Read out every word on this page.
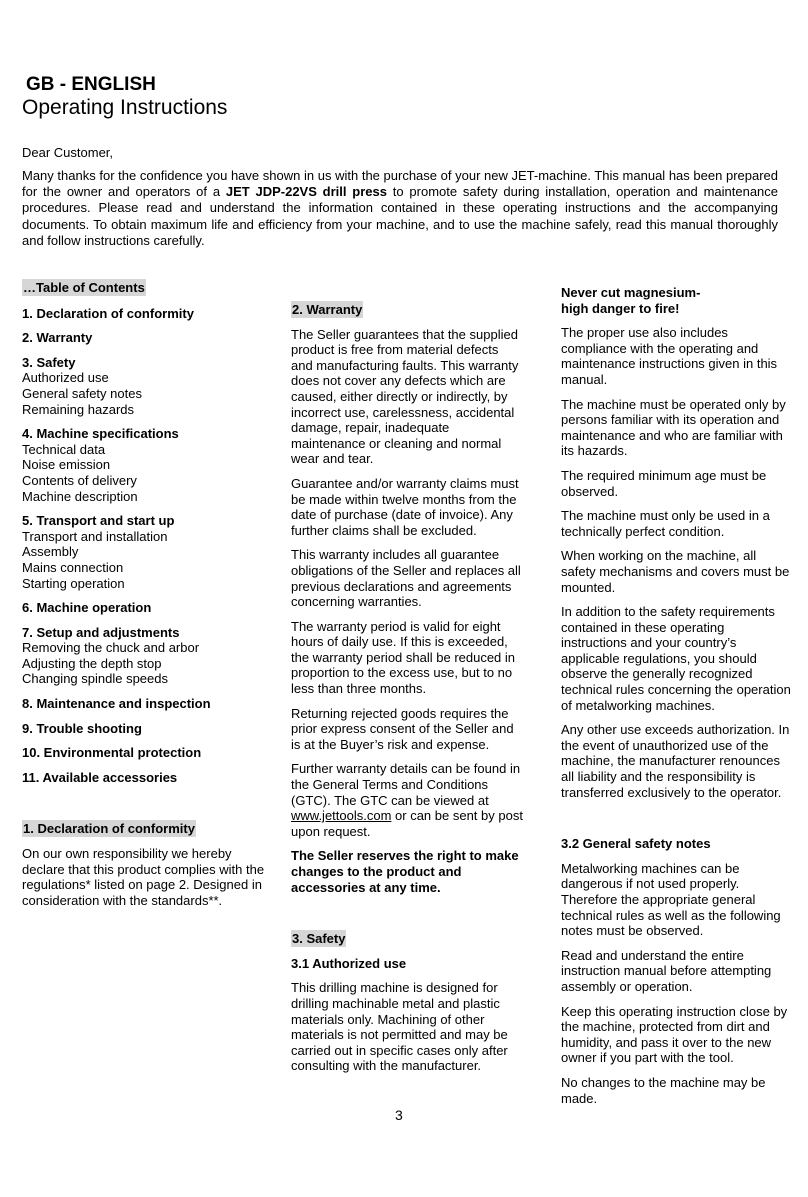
GB - ENGLISH
Operating Instructions

Dear Customer,

Many thanks for the confidence you have shown in us with the purchase of your new JET-machine. This manual has been prepared for the owner and operators of a JET JDP-22VS drill press to promote safety during installation, operation and maintenance procedures. Please read and understand the information contained in these operating instructions and the accompanying documents. To obtain maximum life and efficiency from your machine, and to use the machine safely, read this manual thoroughly and follow instructions carefully.

…Table of Contents

1. Declaration of conformity

2. Warranty

3. Safety

Authorized use

General safety notes

Remaining hazards

4. Machine specifications

Technical data

Noise emission

Contents of delivery

Machine description

5. Transport and start up

Transport and installation

Assembly

Mains connection

Starting operation

6. Machine operation

7. Setup and adjustments

Removing the chuck and arbor

Adjusting the depth stop

Changing spindle speeds

8. Maintenance and inspection

9. Trouble shooting

10. Environmental protection

11. Available accessories

1. Declaration of conformity

On our own responsibility we hereby declare that this product complies with the regulations* listed on page 2. Designed in consideration with the standards**.

2. Warranty

The Seller guarantees that the supplied product is free from material defects and manufacturing faults. This warranty does not cover any defects which are caused, either directly or indirectly, by incorrect use, carelessness, accidental damage, repair, inadequate maintenance or cleaning and normal wear and tear.

Guarantee and/or warranty claims must be made within twelve months from the date of purchase (date of invoice). Any further claims shall be excluded.

This warranty includes all guarantee obligations of the Seller and replaces all previous declarations and agreements concerning warranties.

The warranty period is valid for eight hours of daily use. If this is exceeded, the warranty period shall be reduced in proportion to the excess use, but to no less than three months.

Returning rejected goods requires the prior express consent of the Seller and is at the Buyer’s risk and expense.

Further warranty details can be found in the General Terms and Conditions (GTC). The GTC can be viewed at www.jettools.com or can be sent by post upon request.

The Seller reserves the right to make changes to the product and accessories at any time.

3. Safety

3.1 Authorized use

This drilling machine is designed for drilling machinable metal and plastic materials only. Machining of other materials is not permitted and may be carried out in specific cases only after consulting with the manufacturer.

Never cut magnesium-
high danger to fire!

The proper use also includes compliance with the operating and maintenance instructions given in this manual.

The machine must be operated only by persons familiar with its operation and maintenance and who are familiar with its hazards.

The required minimum age must be observed.

The machine must only be used in a technically perfect condition.

When working on the machine, all safety mechanisms and covers must be mounted.

In addition to the safety requirements contained in these operating instructions and your country’s applicable regulations, you should observe the generally recognized technical rules concerning the operation of metalworking machines.

Any other use exceeds authorization. In the event of unauthorized use of the machine, the manufacturer renounces all liability and the responsibility is transferred exclusively to the operator.

3.2 General safety notes

Metalworking machines can be dangerous if not used properly. Therefore the appropriate general technical rules as well as the following notes must be observed.

Read and understand the entire instruction manual before attempting assembly or operation.

Keep this operating instruction close by the machine, protected from dirt and humidity, and pass it over to the new owner if you part with the tool.

No changes to the machine may be made.

3
